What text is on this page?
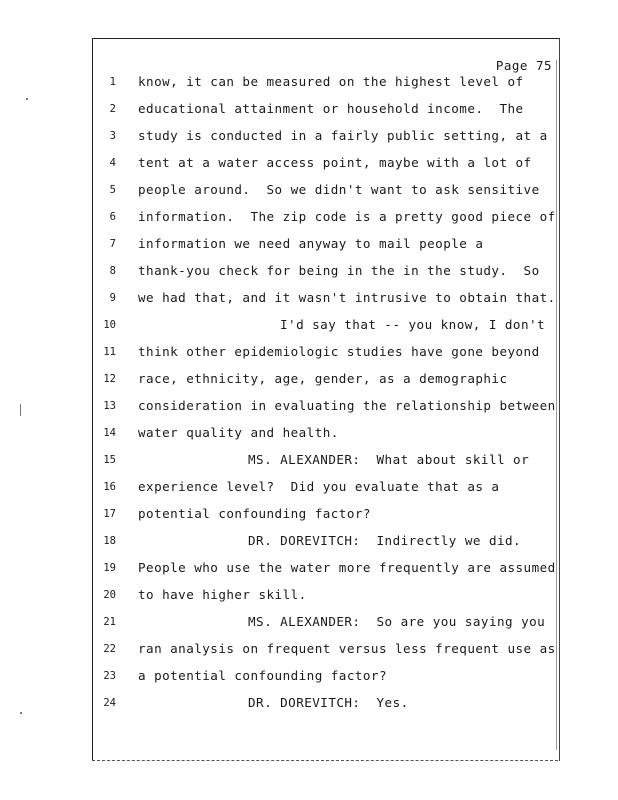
Page 75
1 know, it can be measured on the highest level of
2 educational attainment or household income.  The
3 study is conducted in a fairly public setting, at a
4 tent at a water access point, maybe with a lot of
5 people around.  So we didn't want to ask sensitive
6 information.  The zip code is a pretty good piece of
7 information we need anyway to mail people a
8 thank-you check for being in the in the study.  So
9 we had that, and it wasn't intrusive to obtain that.
10	I'd say that -- you know, I don't
11 think other epidemiologic studies have gone beyond
12 race, ethnicity, age, gender, as a demographic
13 consideration in evaluating the relationship between
14 water quality and health.
15	MS. ALEXANDER:  What about skill or
16 experience level?  Did you evaluate that as a
17 potential confounding factor?
18	DR. DOREVITCH:  Indirectly we did.
19 People who use the water more frequently are assumed
20 to have higher skill.
21	MS. ALEXANDER:  So are you saying you
22 ran analysis on frequent versus less frequent use as
23 a potential confounding factor?
24	DR. DOREVITCH:  Yes.
